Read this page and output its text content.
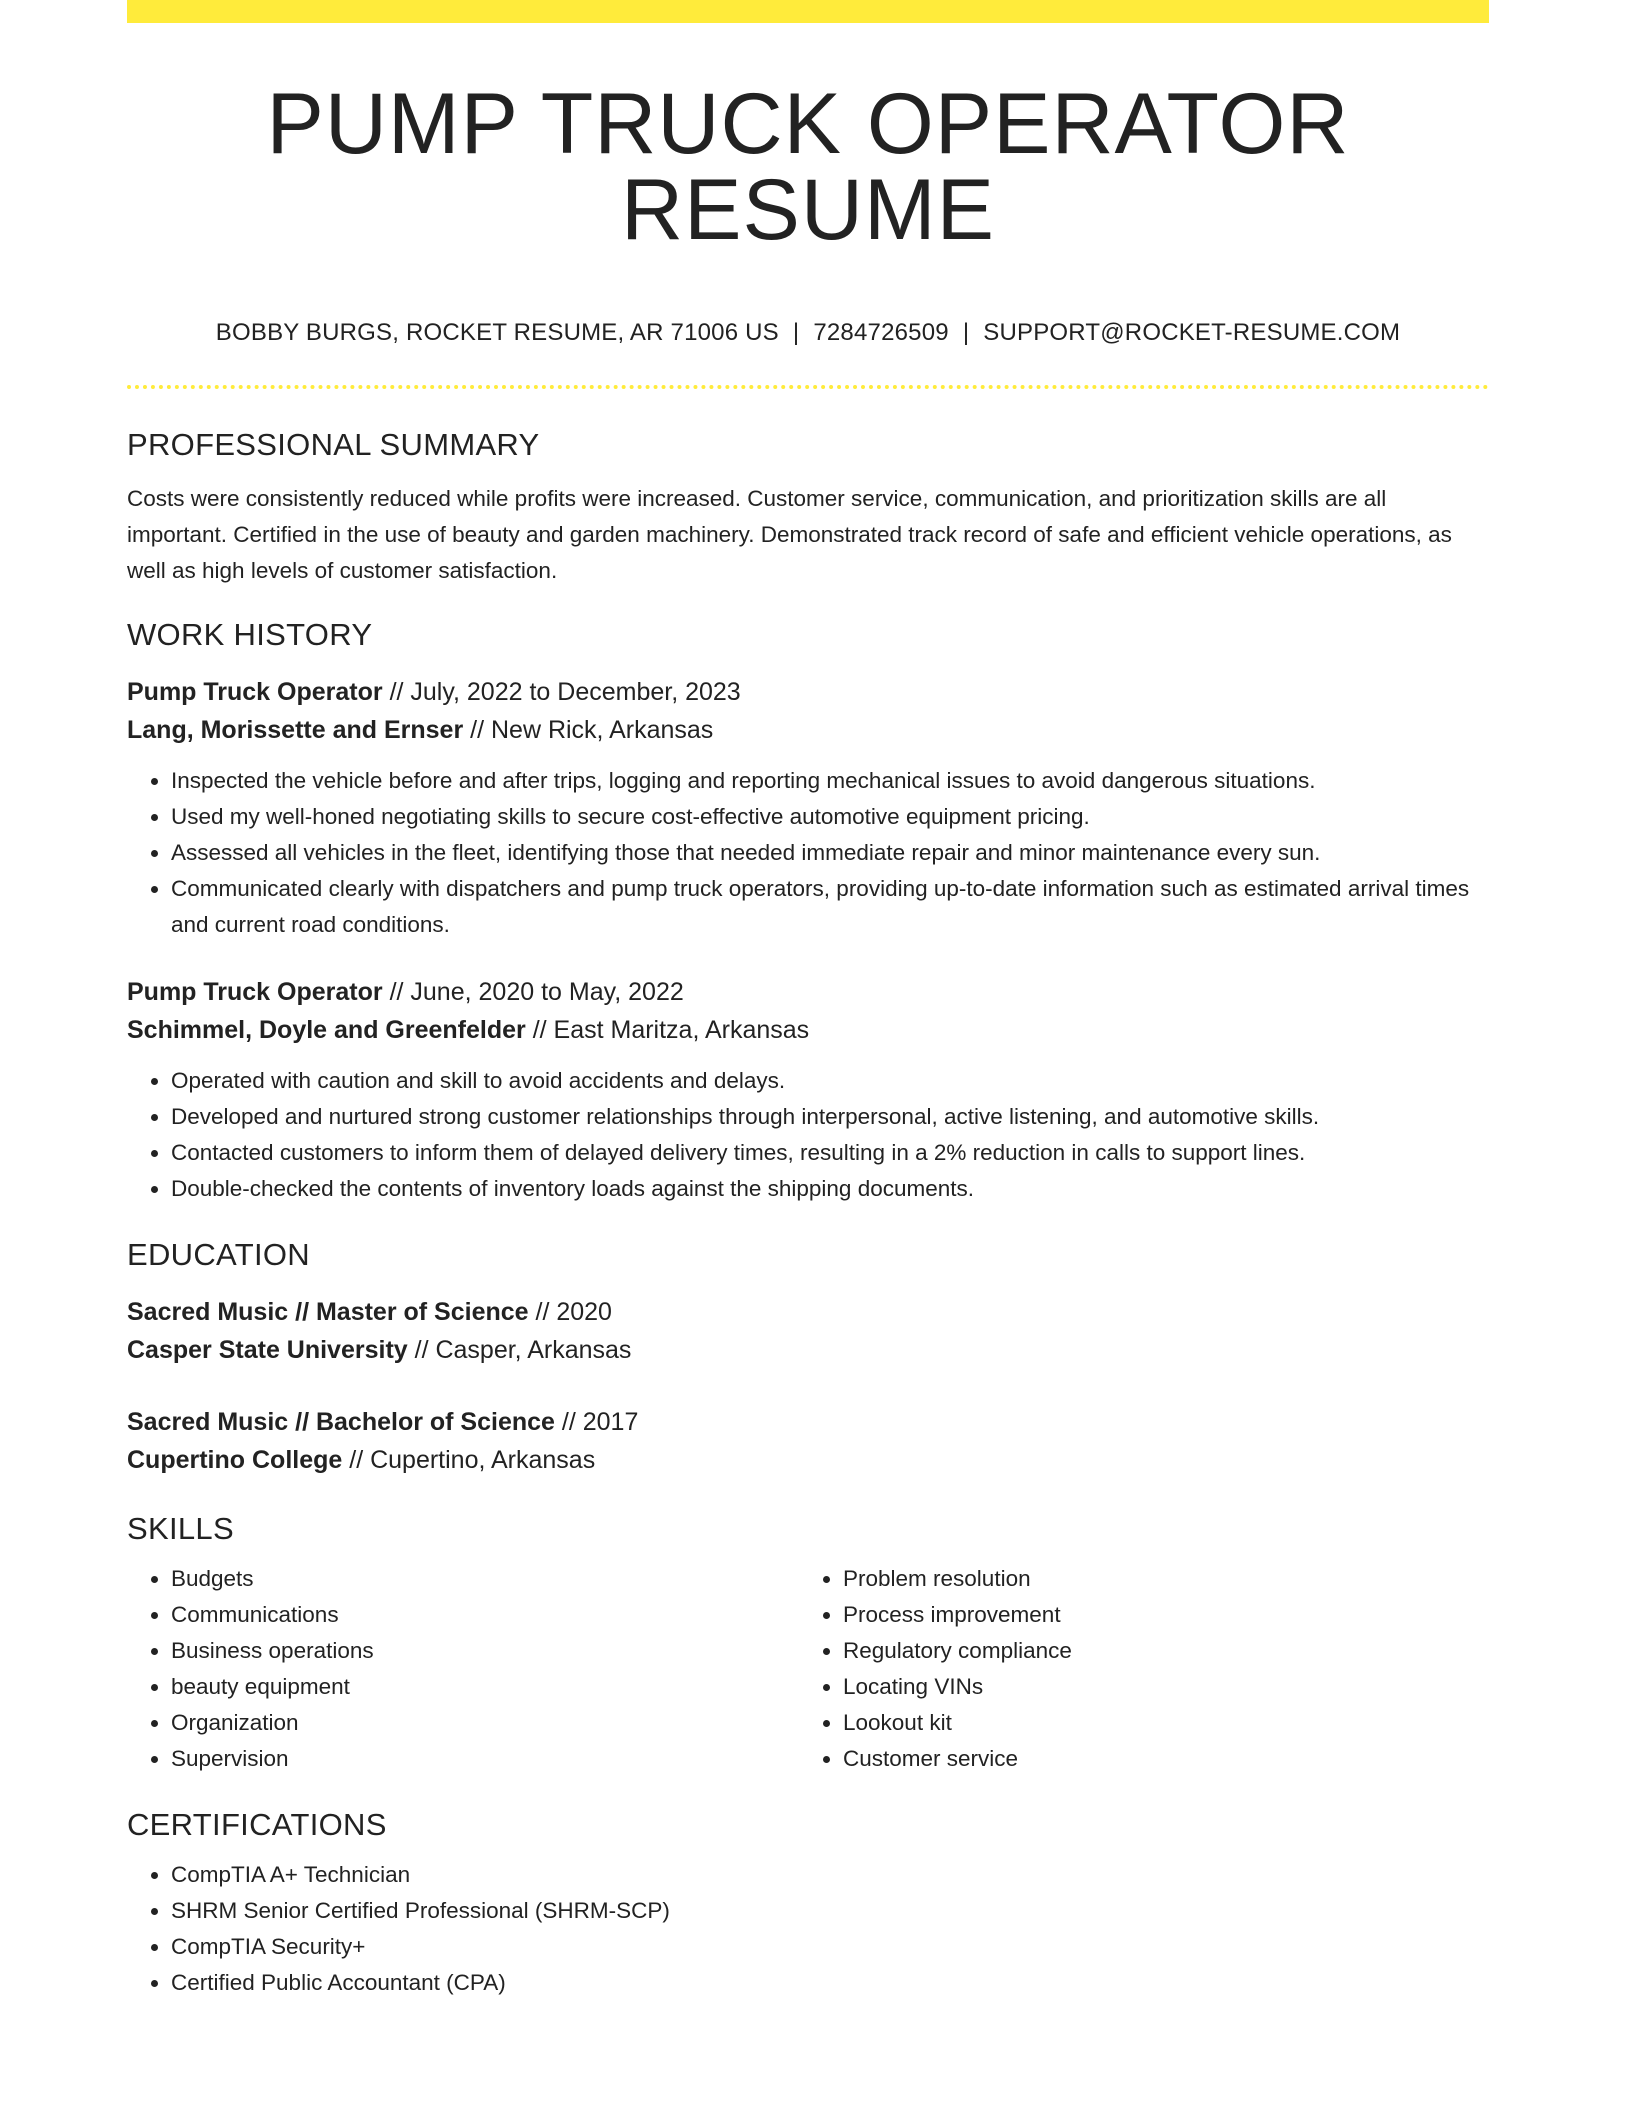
PUMP TRUCK OPERATOR RESUME
BOBBY BURGS, ROCKET RESUME, AR 71006 US | 7284726509 | SUPPORT@ROCKET-RESUME.COM
PROFESSIONAL SUMMARY
Costs were consistently reduced while profits were increased. Customer service, communication, and prioritization skills are all important. Certified in the use of beauty and garden machinery. Demonstrated track record of safe and efficient vehicle operations, as well as high levels of customer satisfaction.
WORK HISTORY
Pump Truck Operator // July, 2022 to December, 2023
Lang, Morissette and Ernser // New Rick, Arkansas
• Inspected the vehicle before and after trips, logging and reporting mechanical issues to avoid dangerous situations.
• Used my well-honed negotiating skills to secure cost-effective automotive equipment pricing.
• Assessed all vehicles in the fleet, identifying those that needed immediate repair and minor maintenance every sun.
• Communicated clearly with dispatchers and pump truck operators, providing up-to-date information such as estimated arrival times and current road conditions.
Pump Truck Operator // June, 2020 to May, 2022
Schimmel, Doyle and Greenfelder // East Maritza, Arkansas
• Operated with caution and skill to avoid accidents and delays.
• Developed and nurtured strong customer relationships through interpersonal, active listening, and automotive skills.
• Contacted customers to inform them of delayed delivery times, resulting in a 2% reduction in calls to support lines.
• Double-checked the contents of inventory loads against the shipping documents.
EDUCATION
Sacred Music // Master of Science // 2020
Casper State University // Casper, Arkansas
Sacred Music // Bachelor of Science // 2017
Cupertino College // Cupertino, Arkansas
SKILLS
• Budgets
• Communications
• Business operations
• beauty equipment
• Organization
• Supervision
• Problem resolution
• Process improvement
• Regulatory compliance
• Locating VINs
• Lookout kit
• Customer service
CERTIFICATIONS
• CompTIA A+ Technician
• SHRM Senior Certified Professional (SHRM-SCP)
• CompTIA Security+
• Certified Public Accountant (CPA)
